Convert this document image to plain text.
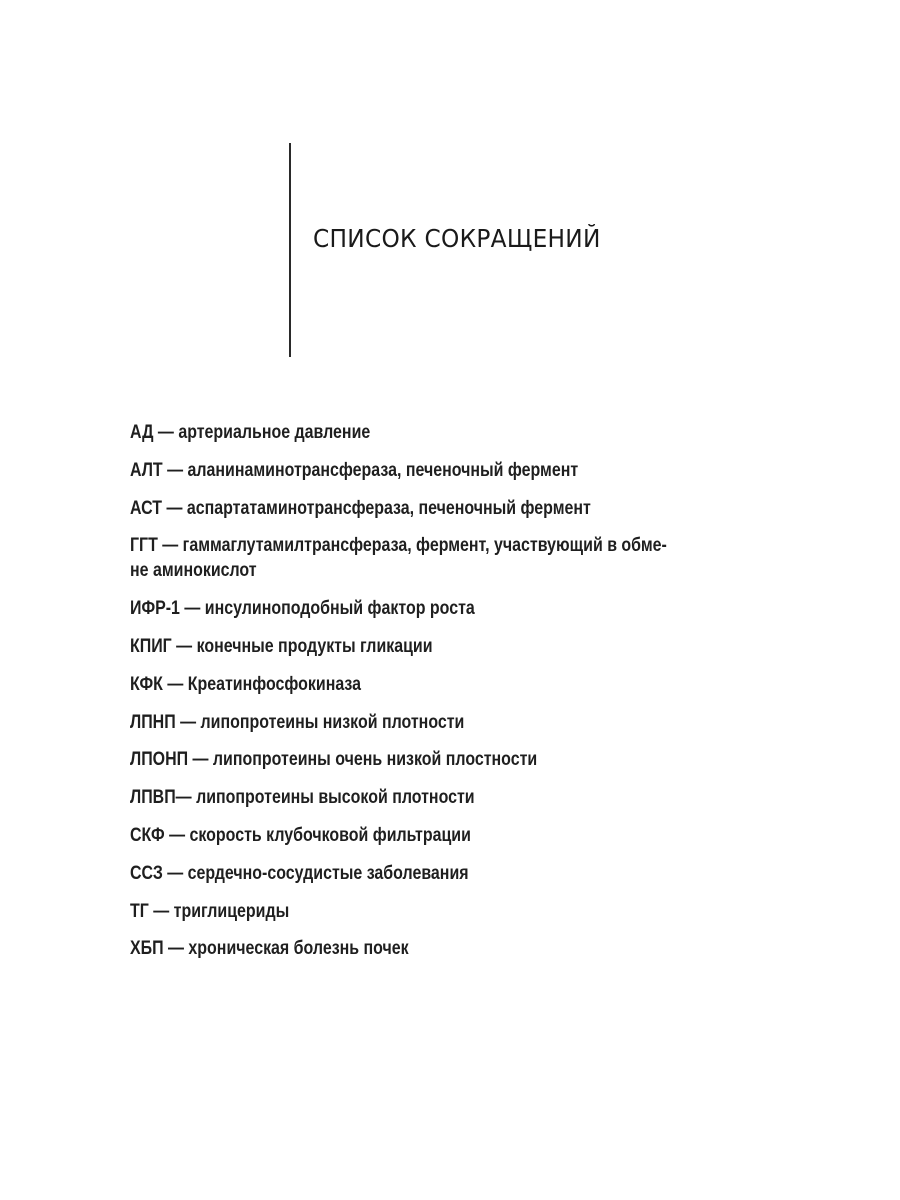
СПИСОК СОКРАЩЕНИЙ
АД — артериальное давление
АЛТ — аланинаминотрансфераза, печеночный фермент
АСТ — аспартатаминотрансфераза, печеночный фермент
ГГТ — гаммаглутамилтрансфераза, фермент, участвующий в обме-
не аминокислот
ИФР-1 — инсулиноподобный фактор роста
КПИГ — конечные продукты гликации
КФК — Креатинфосфокиназа
ЛПНП — липопротеины низкой плотности
ЛПОНП — липопротеины очень низкой плостности
ЛПВП— липопротеины высокой плотности
СКФ — скорость клубочковой фильтрации
ССЗ — сердечно-сосудистые заболевания
ТГ — триглицериды
ХБП — хроническая болезнь почек
